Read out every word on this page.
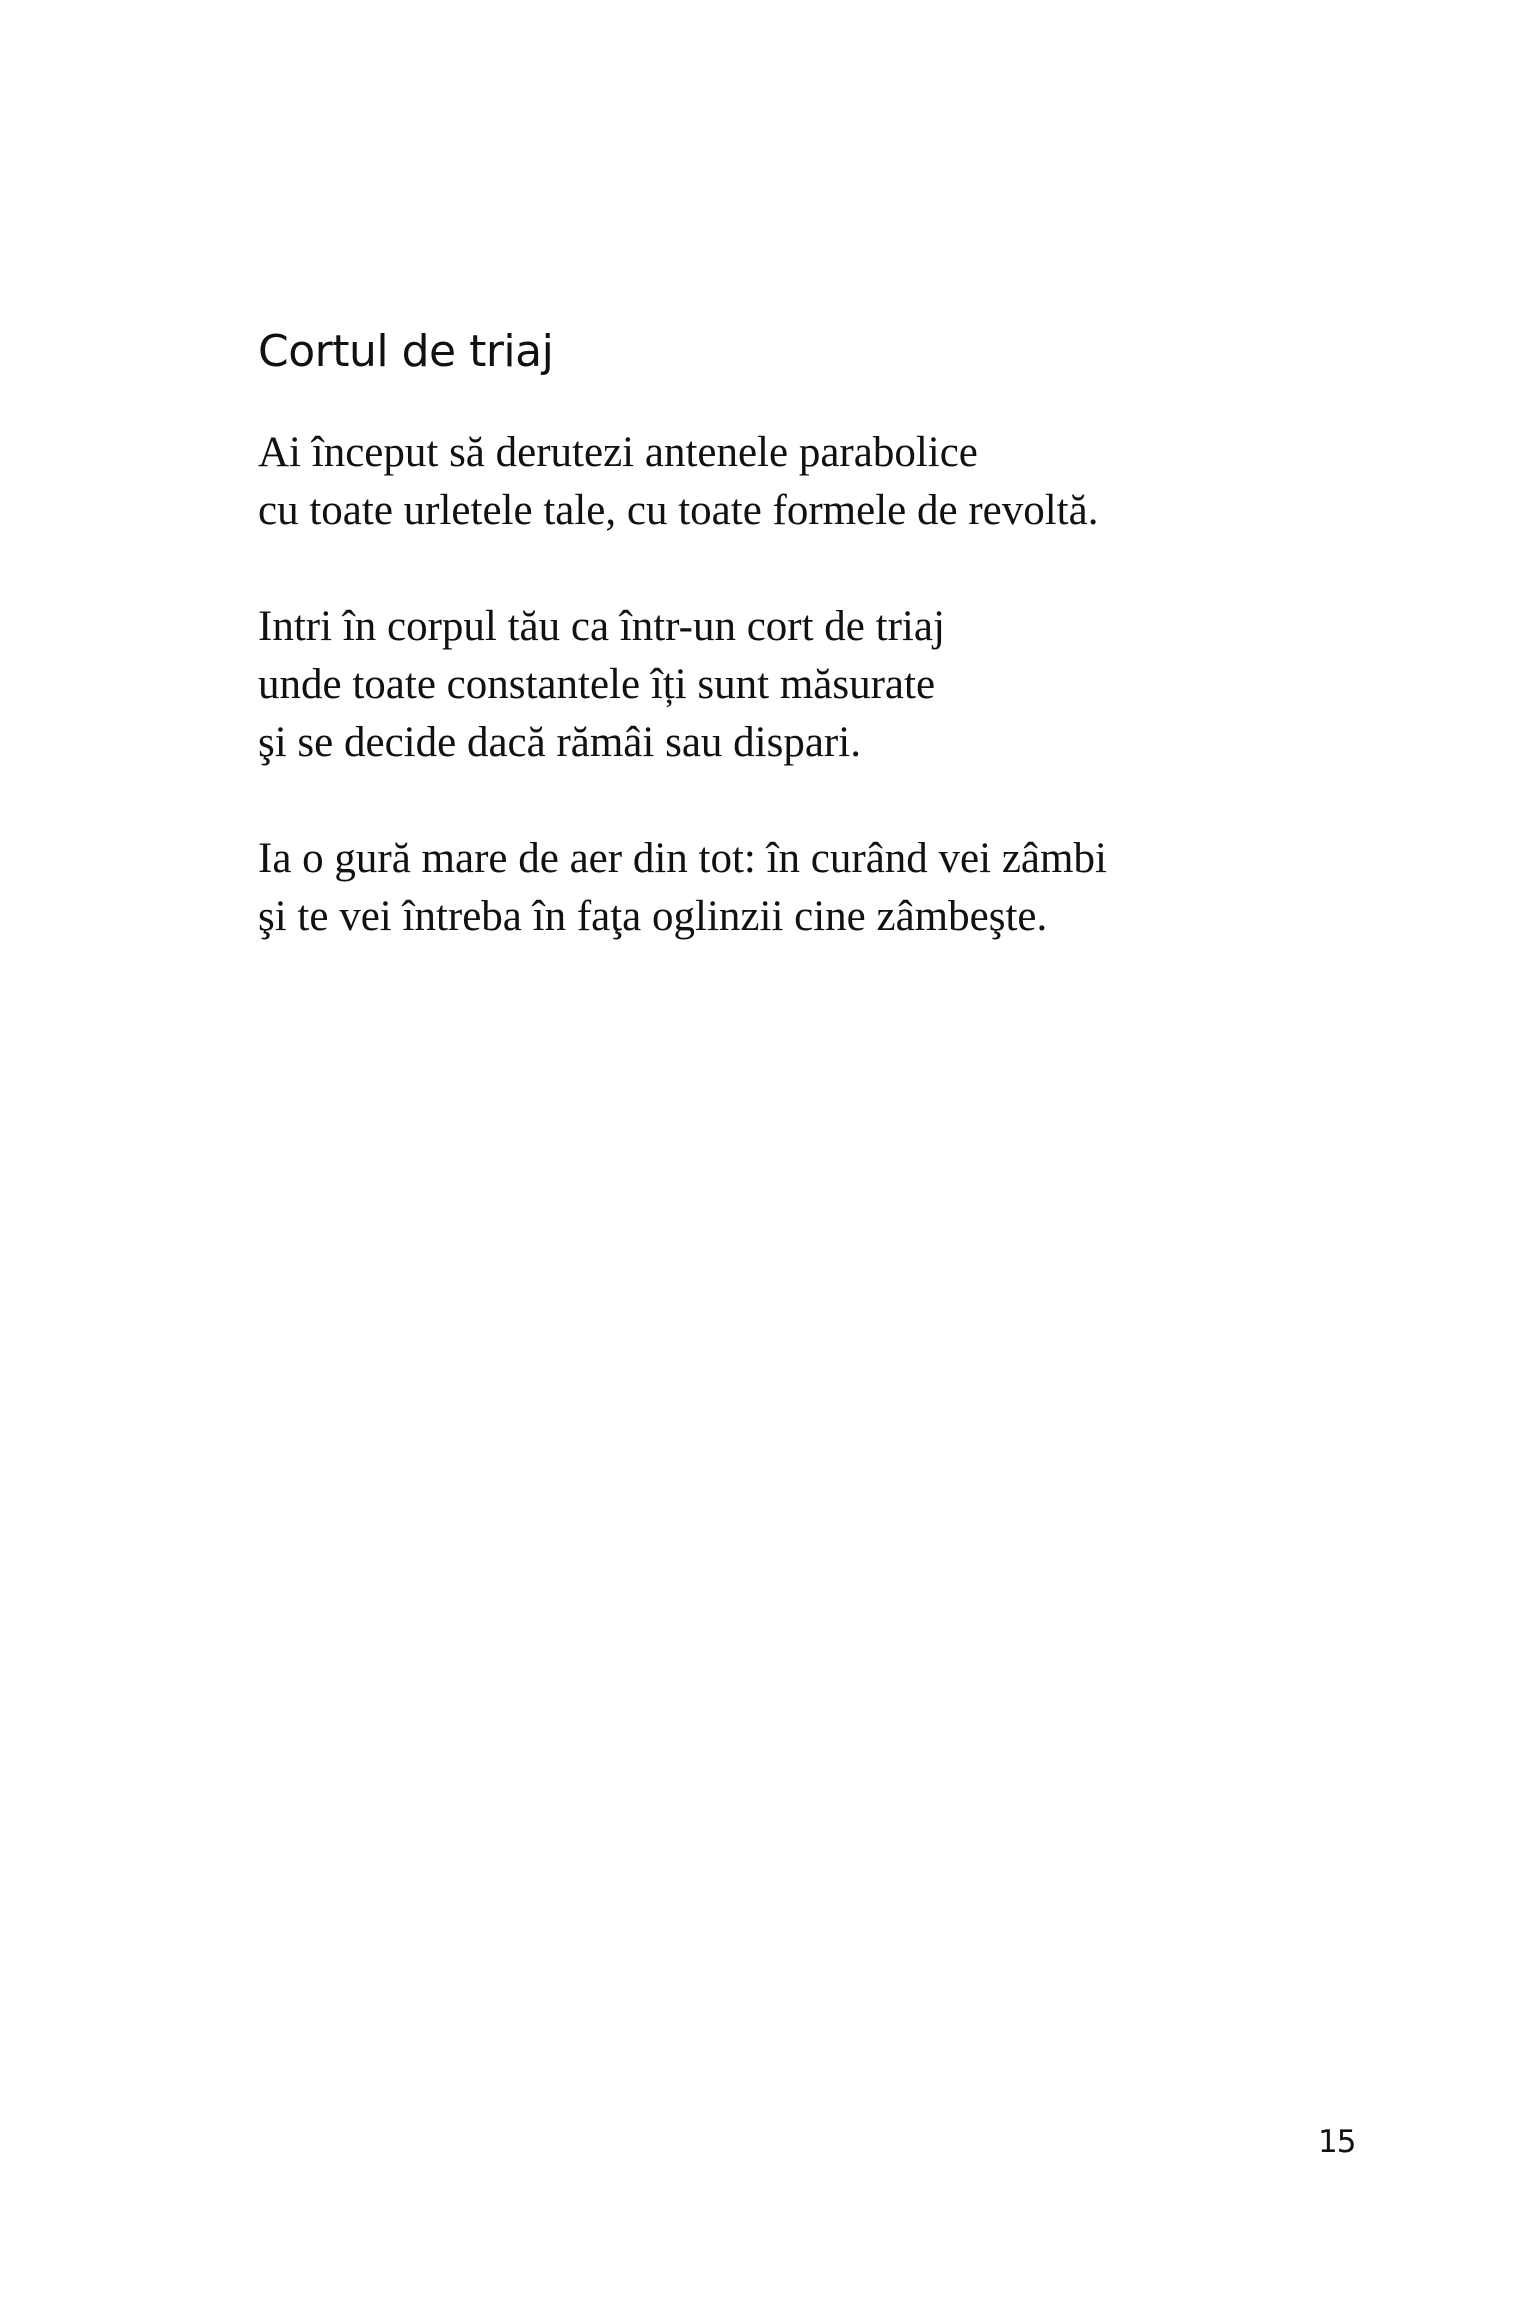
Cortul de triaj
Ai început să derutezi antenele parabolice
cu toate urletele tale, cu toate formele de revoltă.
Intri în corpul tău ca într-un cort de triaj
unde toate constantele îți sunt măsurate
şi se decide dacă rămâi sau dispari.
Ia o gură mare de aer din tot: în curând vei zâmbi
şi te vei întreba în faţa oglinzii cine zâmbeşte.
15
